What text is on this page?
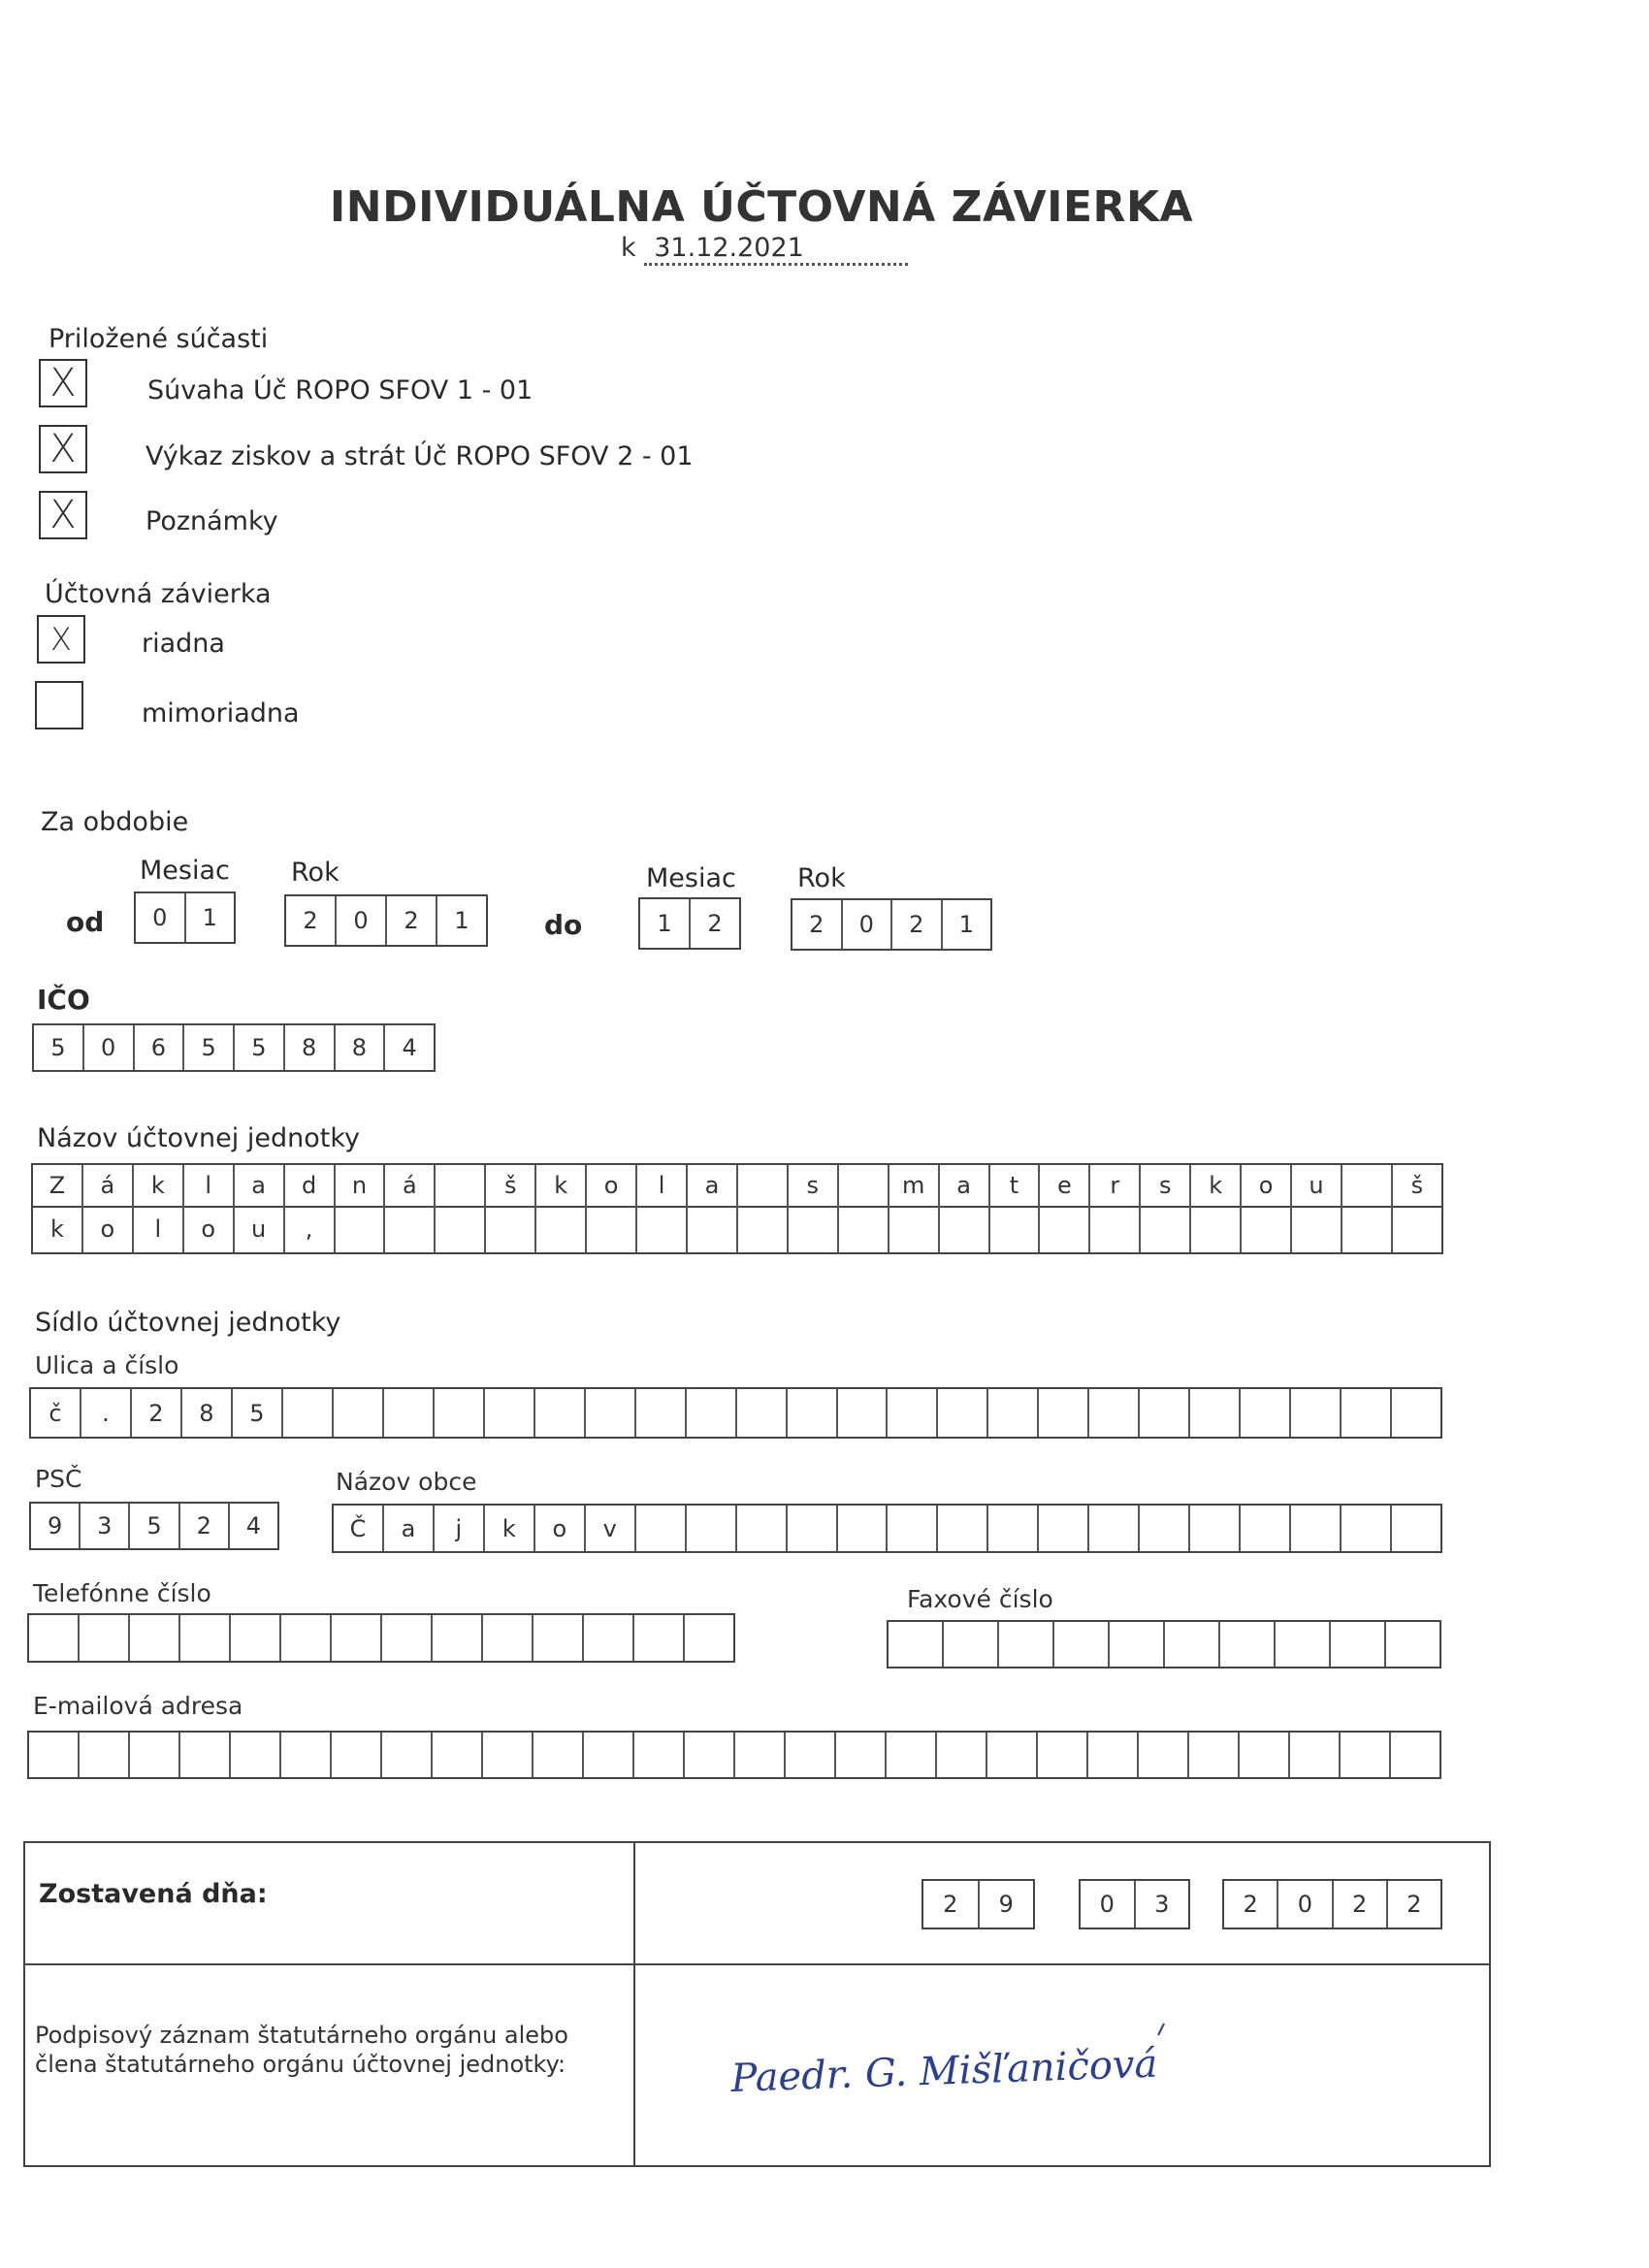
INDIVIDUÁLNA ÚČTOVNÁ ZÁVIERKA
k 31.12.2021
Priložené súčasti
X	Súvaha Úč ROPO SFOV 1 - 01
X	Výkaz ziskov a strát Úč ROPO SFOV 2 - 01
X	Poznámky
Účtovná závierka
X	riadna
mimoriadna
Za obdobie
Mesiac Rok	Mesiac Rok
od	0	1	2	0	2	1	do	1	2	2	0	2	1
IČO
5	0	6	5	5	8	8	4
Názov účtovnej jednotky
Z	á	k	l	a	d	n	á	š	k	o	l	a	s	m	a	t	e	r	s	k	o	u	š
k	o	l	o	u	,
Sídlo účtovnej jednotky
Ulica a číslo
č	.	2	8	5
PSČ
9	3	5	2	4
Názov obce
Č	a	j	k	o	v
Telefónne číslo	Faxové číslo
E-mailová adresa
Zostavená dňa:	2	9	0	3	2	0	2	2
Podpisový záznam štatutárneho orgánu alebo
člena štatutárneho orgánu účtovnej jednotky:	Paedr. G. Mišľaničová
